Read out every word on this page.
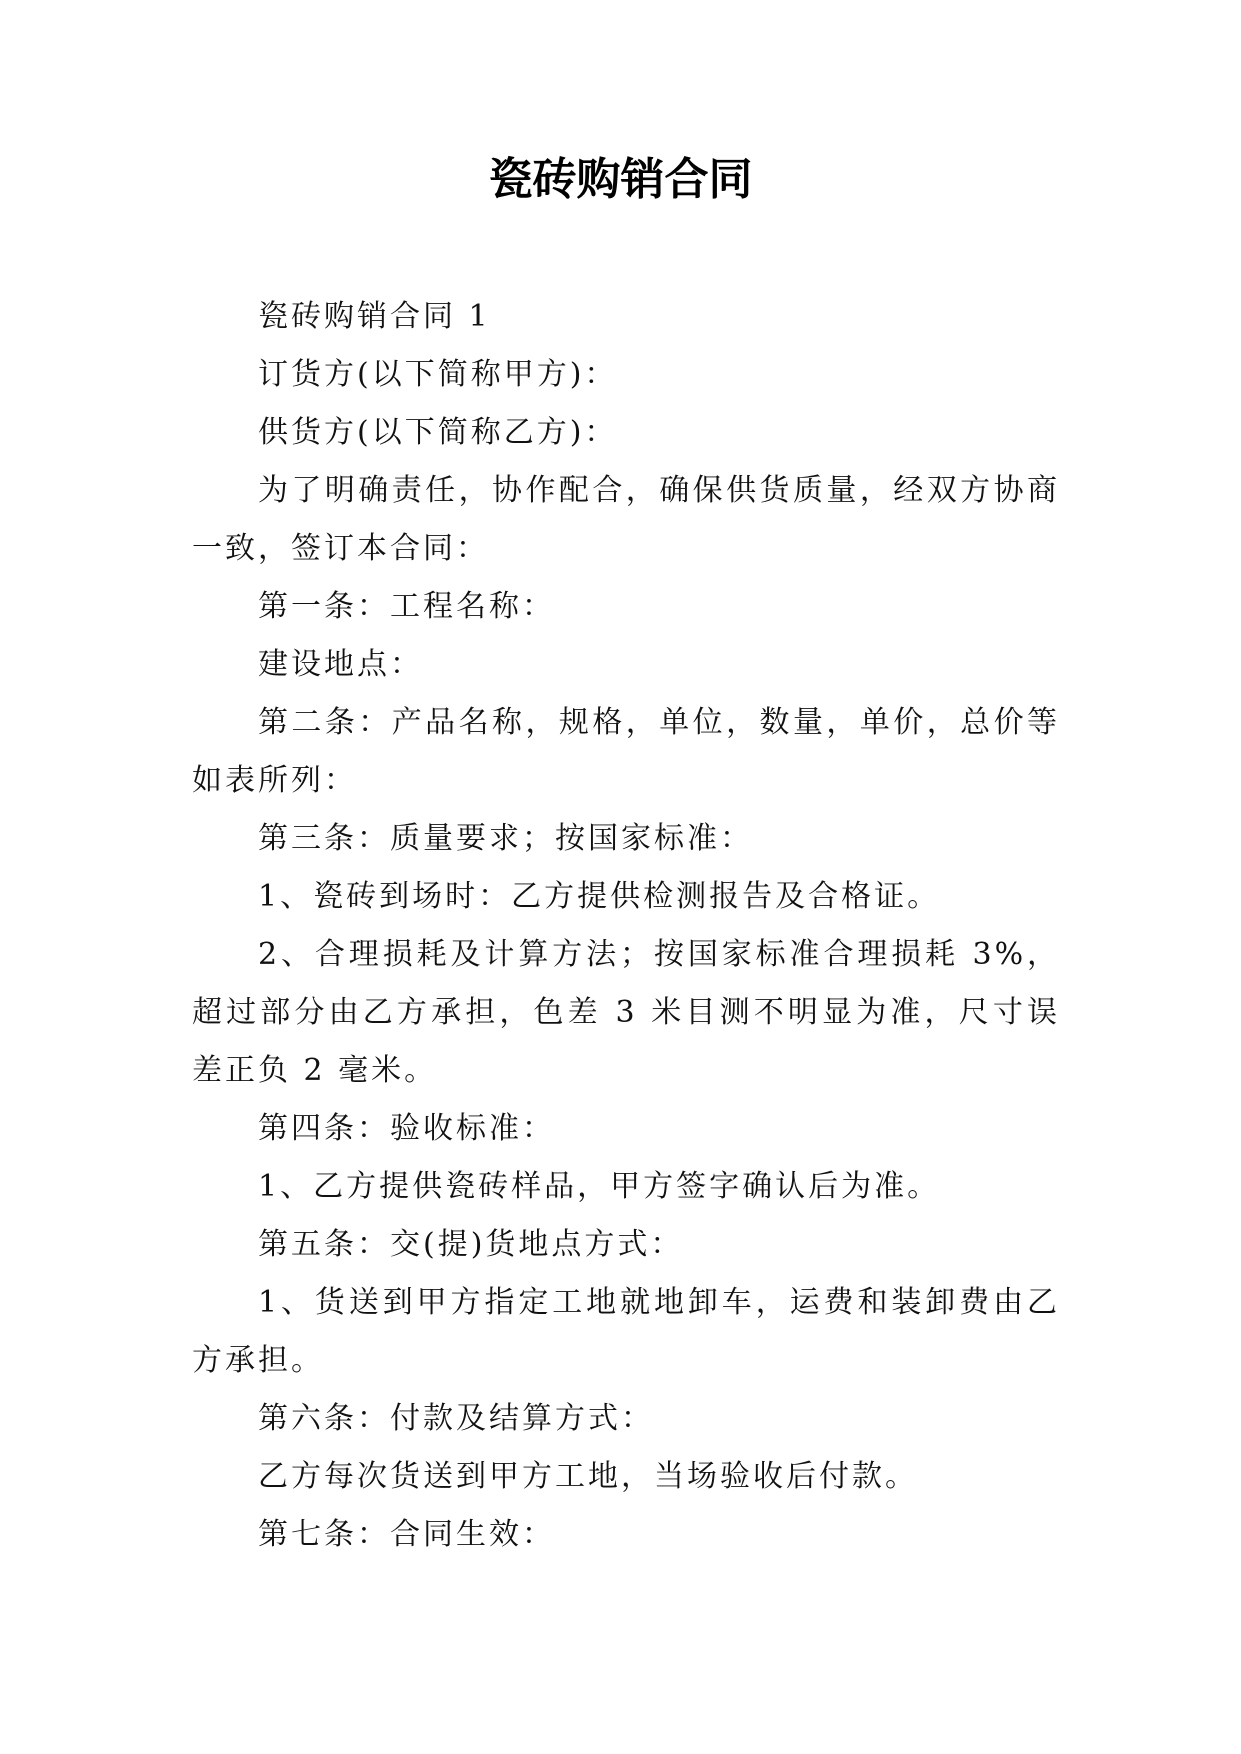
瓷砖购销合同

瓷砖购销合同 1

订货方(以下简称甲方)：

供货方(以下简称乙方)：

为了明确责任，协作配合，确保供货质量，经双方协商一致，签订本合同：

第一条：工程名称：

建设地点：

第二条：产品名称，规格，单位，数量，单价，总价等如表所列：

第三条：质量要求；按国家标准：

1、瓷砖到场时：乙方提供检测报告及合格证。

2、合理损耗及计算方法；按国家标准合理损耗 3%，超过部分由乙方承担，色差 3 米目测不明显为准，尺寸误差正负 2 毫米。

第四条：验收标准：

1、乙方提供瓷砖样品，甲方签字确认后为准。

第五条：交(提)货地点方式：

1、货送到甲方指定工地就地卸车，运费和装卸费由乙方承担。

第六条：付款及结算方式：

乙方每次货送到甲方工地，当场验收后付款。

第七条：合同生效：
